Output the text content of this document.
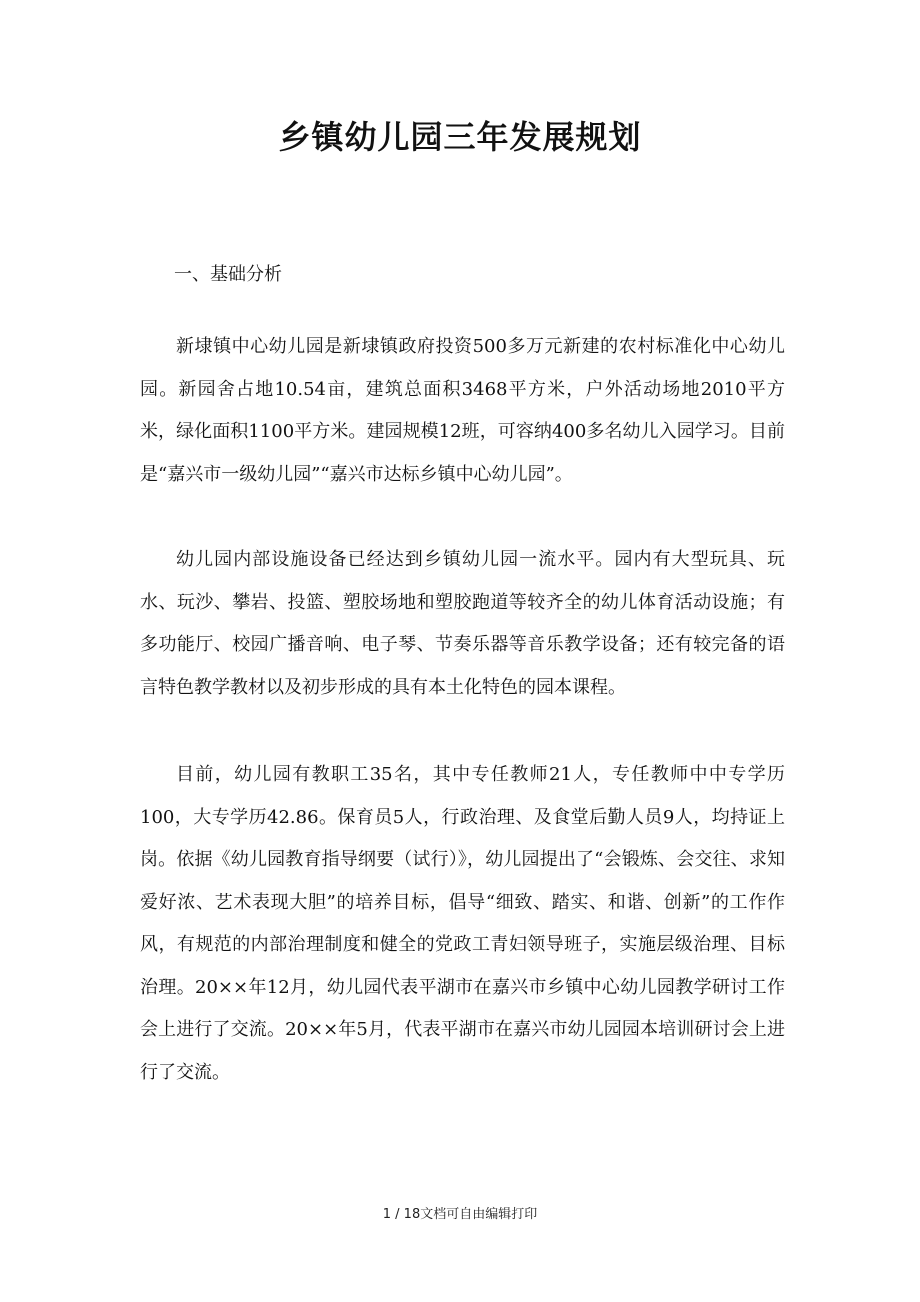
乡镇幼儿园三年发展规划
一、基础分析
新埭镇中心幼儿园是新埭镇政府投资500多万元新建的农村标准化中心幼儿园。新园舍占地10.54亩，建筑总面积3468平方米，户外活动场地2010平方米，绿化面积1100平方米。建园规模12班，可容纳400多名幼儿入园学习。目前是“嘉兴市一级幼儿园”“嘉兴市达标乡镇中心幼儿园”。
幼儿园内部设施设备已经达到乡镇幼儿园一流水平。园内有大型玩具、玩水、玩沙、攀岩、投篮、塑胶场地和塑胶跑道等较齐全的幼儿体育活动设施；有多功能厅、校园广播音响、电子琴、节奏乐器等音乐教学设备；还有较完备的语言特色教学教材以及初步形成的具有本土化特色的园本课程。
目前，幼儿园有教职工35名，其中专任教师21人，专任教师中中专学历100，大专学历42.86。保育员5人，行政治理、及食堂后勤人员9人，均持证上岗。依据《幼儿园教育指导纲要（试行）》，幼儿园提出了“会锻炼、会交往、求知爱好浓、艺术表现大胆”的培养目标，倡导“细致、踏实、和谐、创新”的工作作风，有规范的内部治理制度和健全的党政工青妇领导班子，实施层级治理、目标治理。20××年12月，幼儿园代表平湖市在嘉兴市乡镇中心幼儿园教学研讨工作会上进行了交流。20××年5月，代表平湖市在嘉兴市幼儿园园本培训研讨会上进行了交流。
1 / 18文档可自由编辑打印
